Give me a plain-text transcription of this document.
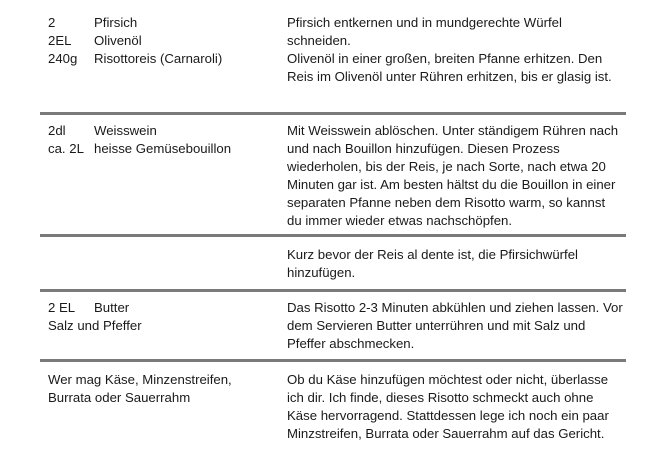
2	Pfirsich
2EL Olivenöl
240g Risottoreis (Carnaroli)
Pfirsich entkernen und in mundgerechte Würfel
schneiden.
Olivenöl in einer großen, breiten Pfanne erhitzen. Den
Reis im Olivenöl unter Rühren erhitzen, bis er glasig ist.
2dl Weisswein
ca. 2L heisse Gemüsebouillon
Mit Weisswein ablöschen. Unter ständigem Rühren nach
und nach Bouillon hinzufügen. Diesen Prozess
wiederholen, bis der Reis, je nach Sorte, nach etwa 20
Minuten gar ist. Am besten hältst du die Bouillon in einer
separaten Pfanne neben dem Risotto warm, so kannst
du immer wieder etwas nachschöpfen.
Kurz bevor der Reis al dente ist, die Pfirsichwürfel
hinzufügen.
2 EL Butter
Salz und Pfeffer
Das Risotto 2-3 Minuten abkühlen und ziehen lassen. Vor
dem Servieren Butter unterrühren und mit Salz und
Pfeffer abschmecken.
Wer mag Käse, Minzenstreifen,
Burrata oder Sauerrahm
Ob du Käse hinzufügen möchtest oder nicht, überlasse
ich dir. Ich finde, dieses Risotto schmeckt auch ohne
Käse hervorragend. Stattdessen lege ich noch ein paar
Minzstreifen, Burrata oder Sauerrahm auf das Gericht.
